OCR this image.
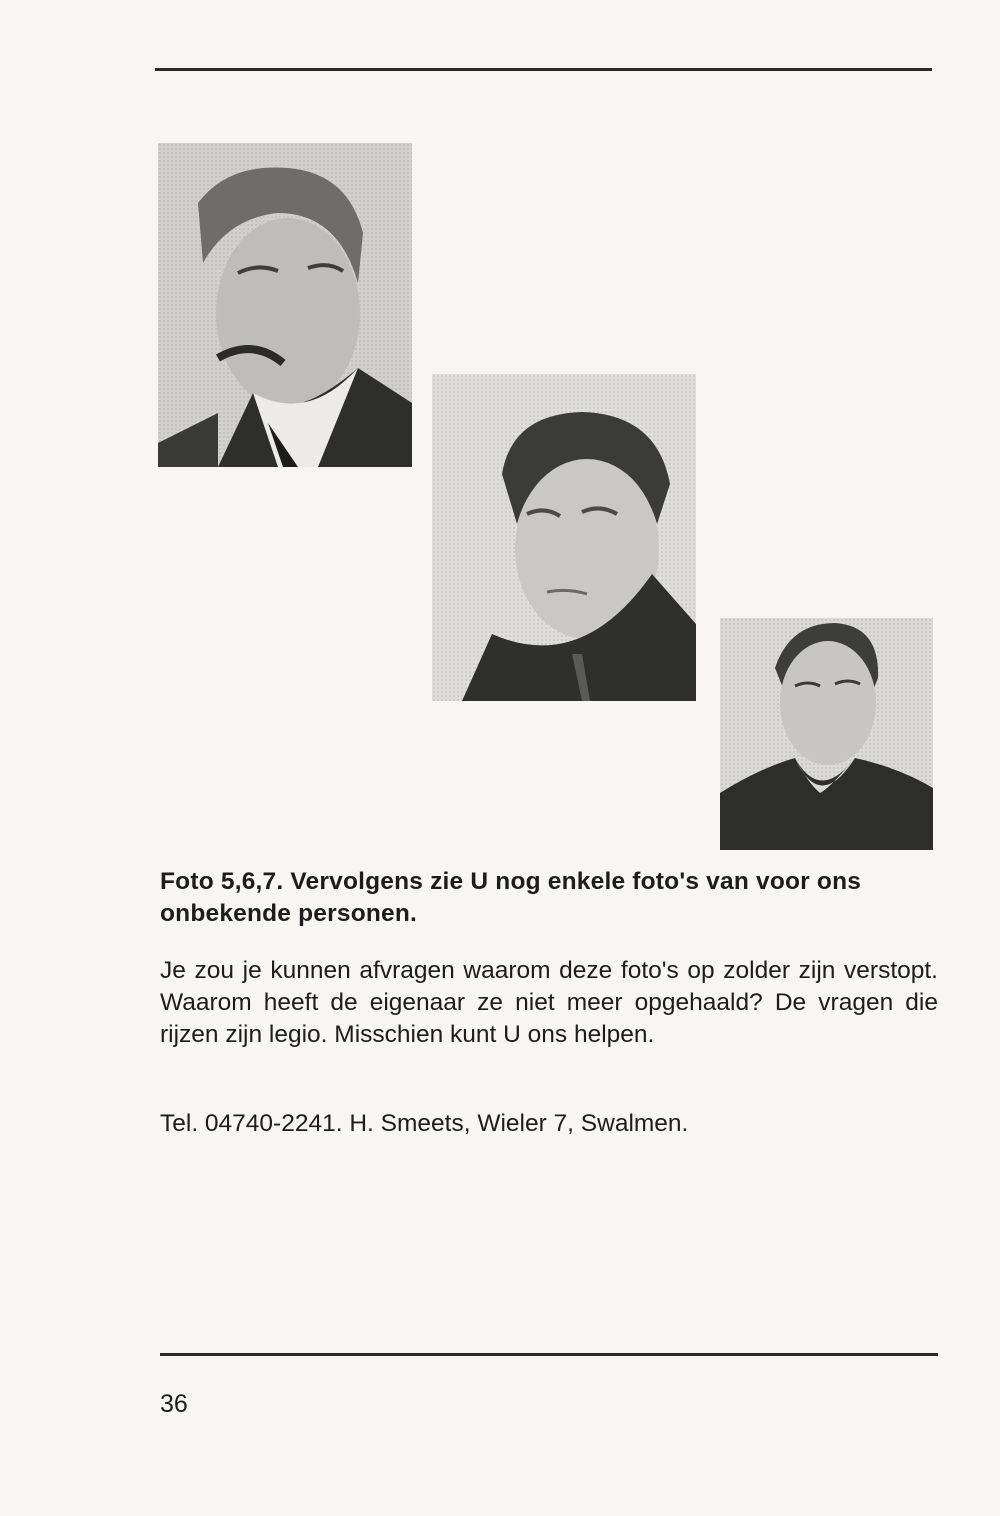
Foto 5,6,7. Vervolgens zie U nog enkele foto's van voor ons onbekende personen.
Je zou je kunnen afvragen waarom deze foto's op zolder zijn verstopt. Waarom heeft de eigenaar ze niet meer opgehaald? De vragen die rijzen zijn legio. Misschien kunt U ons helpen.
Tel. 04740-2241. H. Smeets, Wieler 7, Swalmen.
36
